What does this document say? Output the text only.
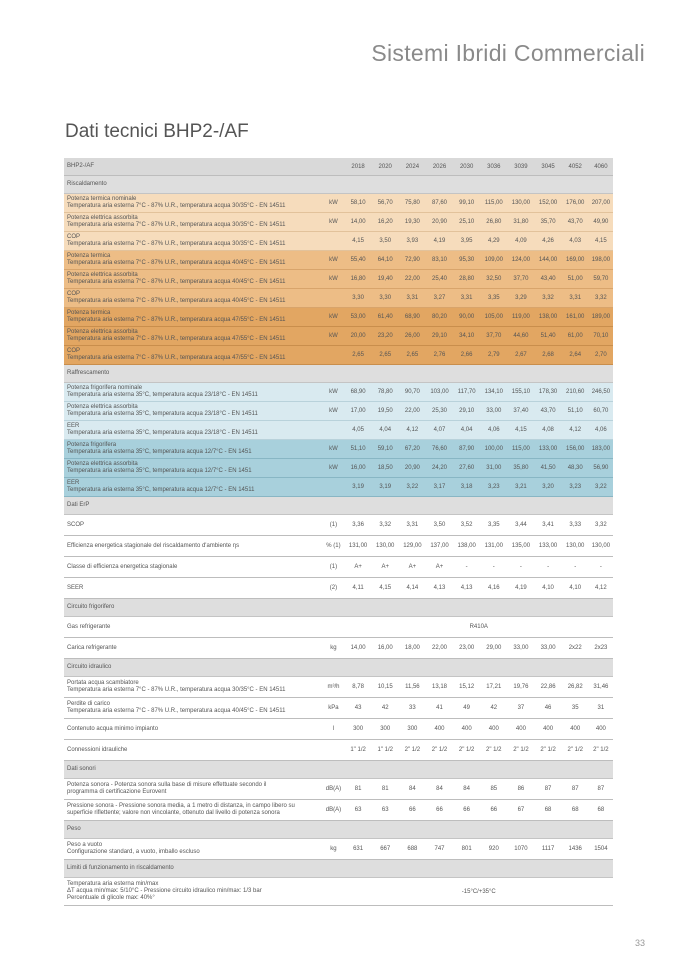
Sistemi Ibridi Commerciali
Dati tecnici BHP2-/AF
BHP2-/AF		2018	2020	2024	2026	2030	3036	3039	3045	4052	4060
Riscaldamento											

Potenza termica nominale
Temperatura aria esterna 7°C - 87% U.R., temperatura acqua 30/35°C - EN 14511	kW	58,10	56,70	75,80	87,60	99,10	115,00	130,00	152,00	176,00	207,00

Potenza elettrica assorbita
Temperatura aria esterna 7°C - 87% U.R., temperatura acqua 30/35°C - EN 14511	kW	14,00	16,20	19,30	20,90	25,10	26,80	31,80	35,70	43,70	49,90

COP
Temperatura aria esterna 7°C - 87% U.R., temperatura acqua 30/35°C - EN 14511		4,15	3,50	3,93	4,19	3,95	4,29	4,09	4,26	4,03	4,15

Potenza termica
Temperatura aria esterna 7°C - 87% U.R., temperatura acqua 40/45°C - EN 14511	kW	55,40	64,10	72,90	83,10	95,30	109,00	124,00	144,00	169,00	198,00

Potenza elettrica assorbita
Temperatura aria esterna 7°C - 87% U.R., temperatura acqua 40/45°C - EN 14511	kW	16,80	19,40	22,00	25,40	28,80	32,50	37,70	43,40	51,00	59,70

COP
Temperatura aria esterna 7°C - 87% U.R., temperatura acqua 40/45°C - EN 14511		3,30	3,30	3,31	3,27	3,31	3,35	3,29	3,32	3,31	3,32

Potenza termica
Temperatura aria esterna 7°C - 87% U.R., temperatura acqua 47/55°C - EN 14511	kW	53,00	61,40	68,90	80,20	90,00	105,00	119,00	138,00	161,00	189,00

Potenza elettrica assorbita
Temperatura aria esterna 7°C - 87% U.R., temperatura acqua 47/55°C - EN 14511	kW	20,00	23,20	26,00	29,10	34,10	37,70	44,60	51,40	61,00	70,10

COP
Temperatura aria esterna 7°C - 87% U.R., temperatura acqua 47/55°C - EN 14511		2,65	2,65	2,65	2,76	2,66	2,79	2,67	2,68	2,64	2,70
Raffrescamento											

Potenza frigorifera nominale
Temperatura aria esterna 35°C, temperatura acqua 23/18°C - EN 14511	kW	68,90	78,80	90,70	103,00	117,70	134,10	155,10	178,30	210,60	246,50

Potenza elettrica assorbita
Temperatura aria esterna 35°C, temperatura acqua 23/18°C - EN 14511	kW	17,00	19,50	22,00	25,30	29,10	33,00	37,40	43,70	51,10	60,70

EER
Temperatura aria esterna 35°C, temperatura acqua 23/18°C - EN 14511		4,05	4,04	4,12	4,07	4,04	4,06	4,15	4,08	4,12	4,06

Potenza frigorifera
Temperatura aria esterna 35°C, temperatura acqua 12/7°C - EN 1451	kW	51,10	59,10	67,20	76,60	87,90	100,00	115,00	133,00	156,00	183,00

Potenza elettrica assorbita
Temperatura aria esterna 35°C, temperatura acqua 12/7°C - EN 1451	kW	16,00	18,50	20,90	24,20	27,60	31,00	35,80	41,50	48,30	56,90

EER
Temperatura aria esterna 35°C, temperatura acqua 12/7°C - EN 14511		3,19	3,19	3,22	3,17	3,18	3,23	3,21	3,20	3,23	3,22
Dati ErP											

SCOP	(1)	3,36	3,32	3,31	3,50	3,52	3,35	3,44	3,41	3,33	3,32

Efficienza energetica stagionale del riscaldamento d'ambiente ηs	% (1)	131,00	130,00	129,00	137,00	138,00	131,00	135,00	133,00	130,00	130,00

Classe di efficienza energetica stagionale	(1)	A+	A+	A+	A+	-	-	-	-	-	-

SEER	(2)	4,11	4,15	4,14	4,13	4,13	4,16	4,19	4,10	4,10	4,12
Circuito frigorifero											

Gas refrigerante		R410A									

Carica refrigerante	kg	14,00	16,00	18,00	22,00	23,00	29,00	33,00	33,00	2x22	2x23
Circuito idraulico											

Portata acqua scambiatore
Temperatura aria esterna 7°C - 87% U.R., temperatura acqua 30/35°C - EN 14511	m³/h	8,78	10,15	11,56	13,18	15,12	17,21	19,76	22,86	26,82	31,46

Perdite di carico
Temperatura aria esterna 7°C - 87% U.R., temperatura acqua 40/45°C - EN 14511	kPa	43	42	33	41	49	42	37	46	35	31

Contenuto acqua minimo impianto	l	300	300	300	400	400	400	400	400	400	400

Connessioni idrauliche		1" 1/2	1" 1/2	2" 1/2	2" 1/2	2" 1/2	2" 1/2	2" 1/2	2" 1/2	2" 1/2	2" 1/2
Dati sonori											

Potenza sonora - Potenza sonora sulla base di misure effettuate secondo il
programma di certificazione Eurovent	dB(A)	81	81	84	84	84	85	86	87	87	87

Pressione sonora - Pressione sonora media, a 1 metro di distanza, in campo libero su
superficie riflettente; valore non vincolante, ottenuto dal livello di potenza sonora	dB(A)	63	63	66	66	66	66	67	68	68	68
Peso											

Peso a vuoto
Configurazione standard, a vuoto, imballo escluso	kg	631	667	688	747	801	920	1070	1117	1436	1504
Limiti di funzionamento in riscaldamento											

Temperatura aria esterna min/max
ΔT acqua min/max: 5/10°C - Pressione circuito idraulico min/max: 1/3 bar
Percentuale di glicole max: 40%°		-15°C/+35°C									
33
